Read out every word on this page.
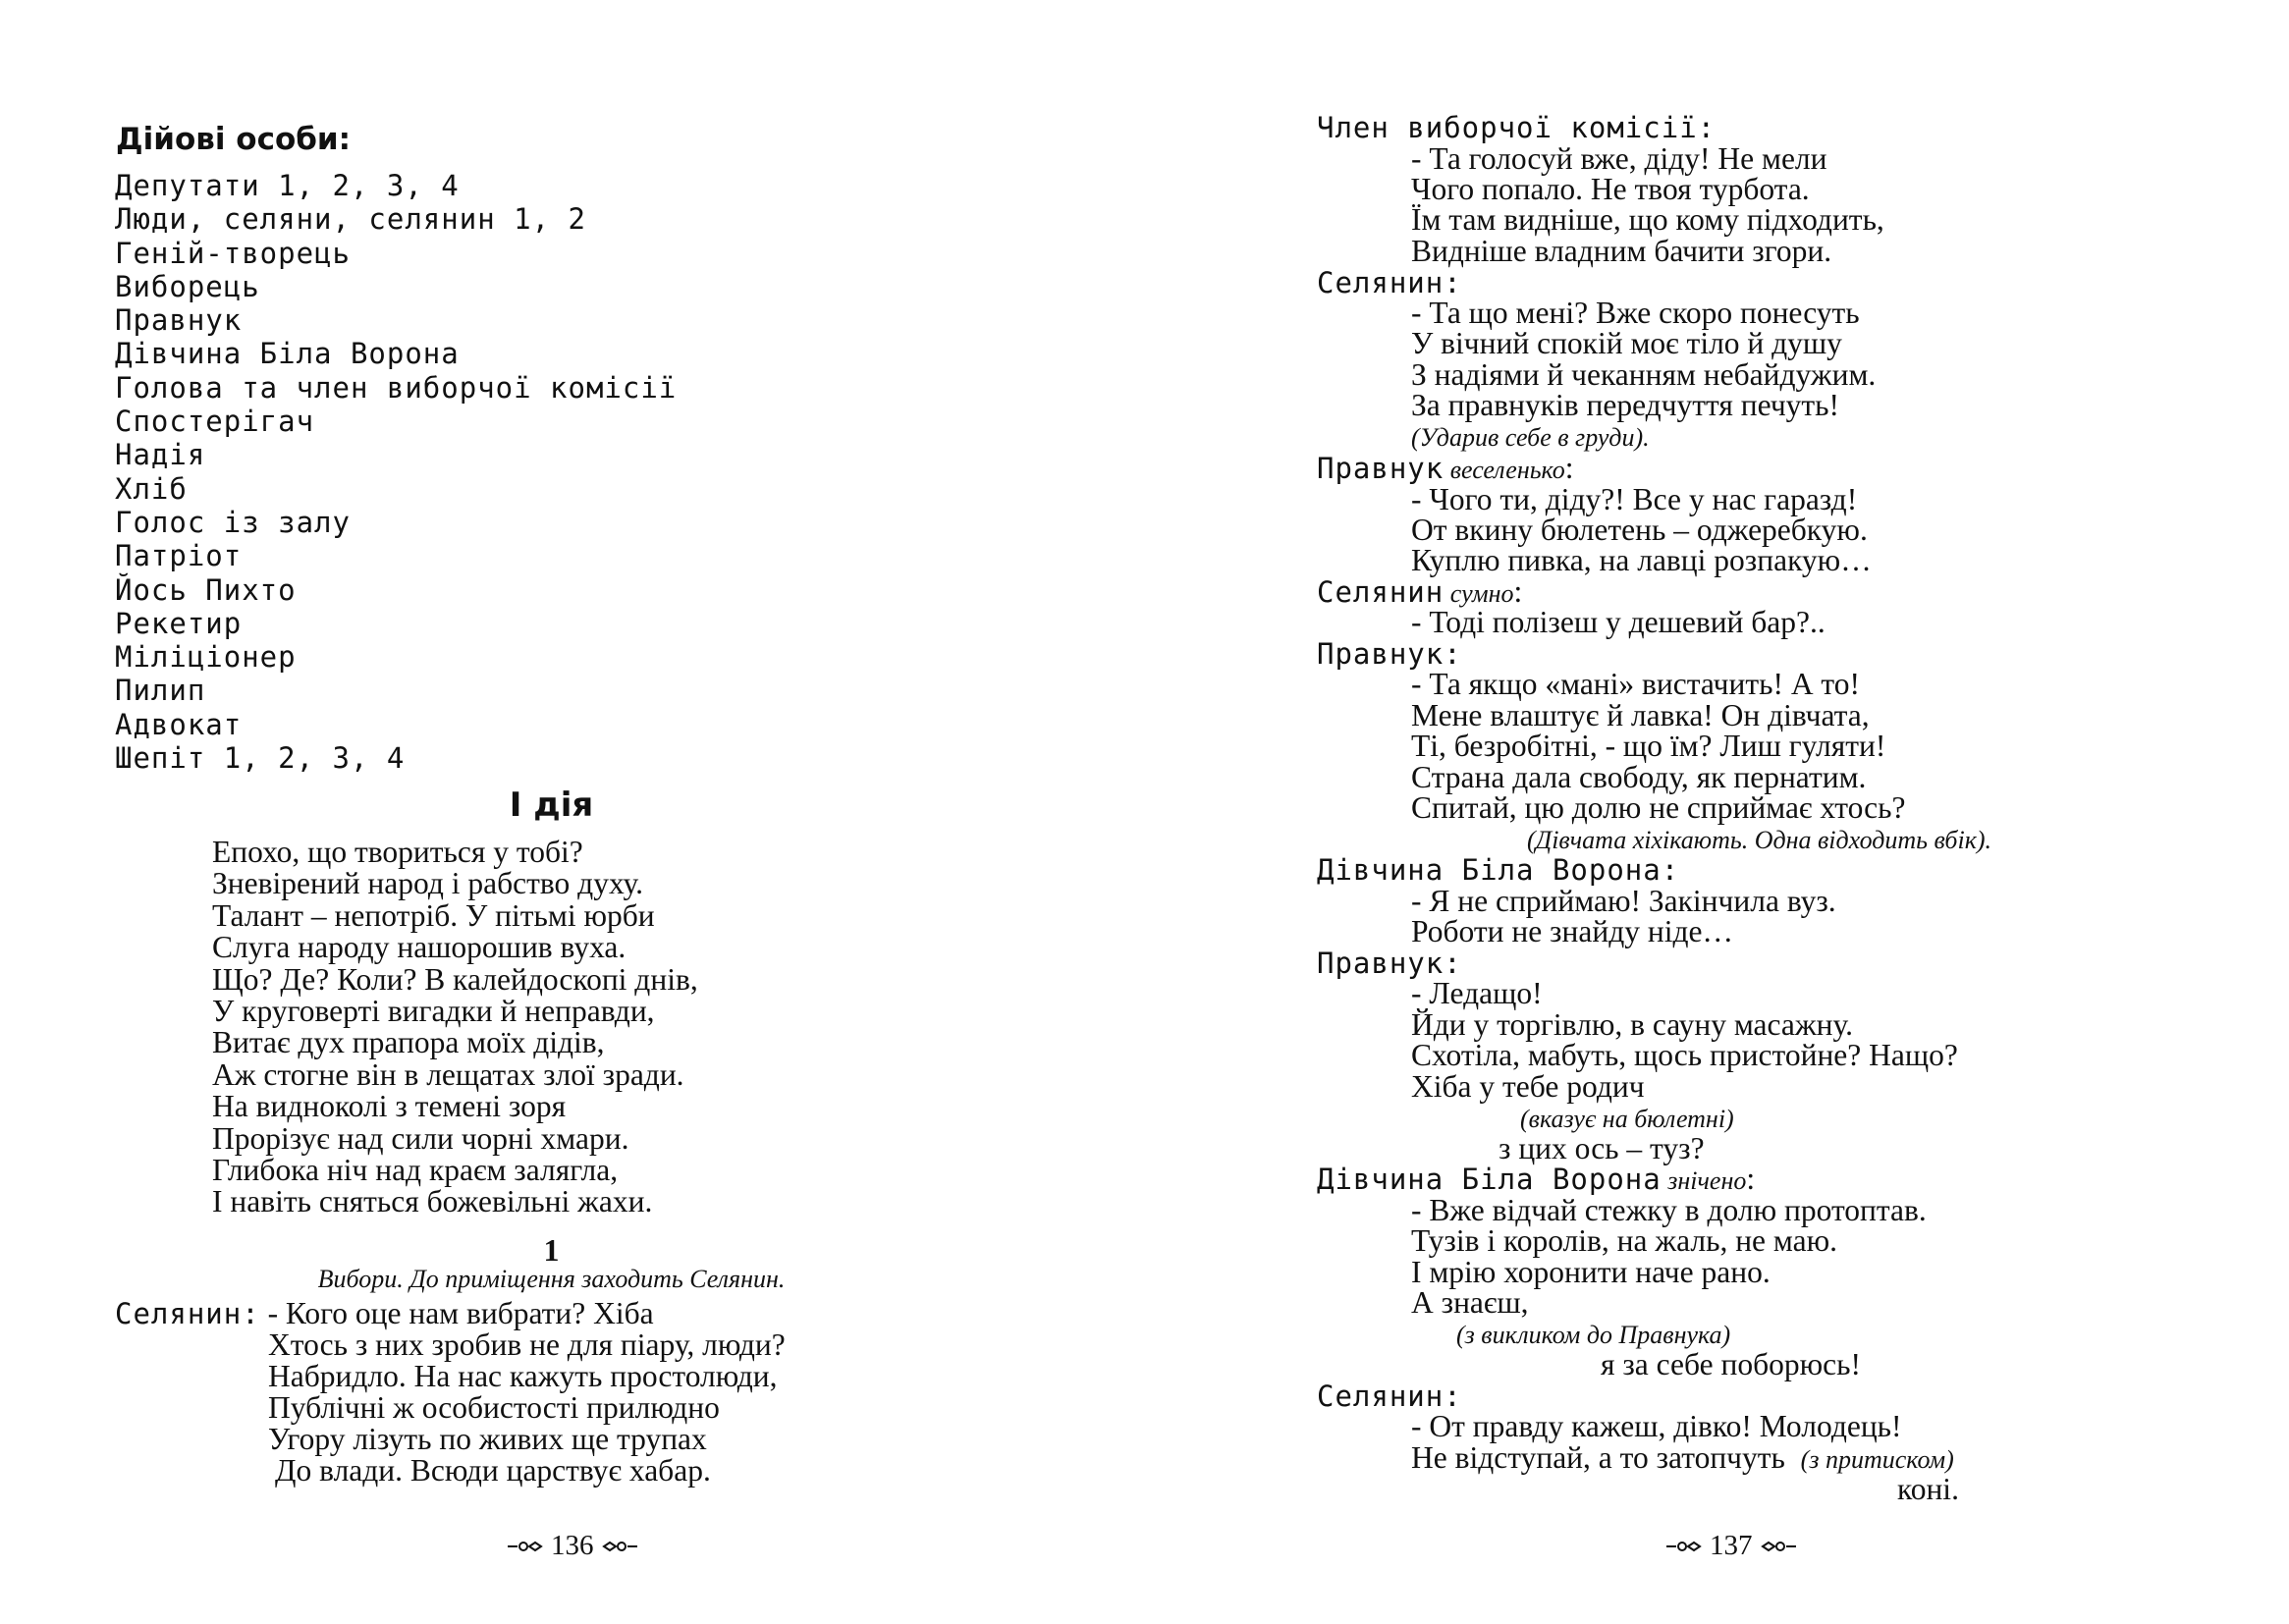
Дійові особи:
Депутати 1, 2, 3, 4
Люди, селяни, селянин 1, 2
Геній-творець
Виборець
Правнук
Дівчина Біла Ворона
Голова та член виборчої комісії
Спостерігач
Надія
Хліб
Голос із залу
Патріот
Йось Пихто
Рекетир
Міліціонер
Пилип
Адвокат
Шепіт 1, 2, 3, 4
І дія
Епохо, що твориться у тобі?
Зневірений народ і рабство духу.
Талант – непотріб. У пітьмі юрби
Слуга народу нашорошив вуха.
Що? Де? Коли? В калейдоскопі днів,
У круговерті вигадки й неправди,
Витає дух прапора моїх дідів,
Аж стогне він в лещатах злої зради.
На видноколі з темені зоря
Прорізує над сили чорні хмари.
Глибока ніч над краєм залягла,
І навіть сняться божевільні жахи.
1
Вибори. До приміщення заходить Селянин.
Селянин: - Кого оце нам вибрати? Хіба
Хтось з них зробив не для піару, люди?
Набридло. На нас кажуть простолюди,
Публічні ж особистості прилюдно
Угору лізуть по живих ще трупах
До влади. Всюди царствує хабар.
136
Член виборчої комісії:
- Та голосуй вже, діду! Не мели
Чого попало. Не твоя турбота.
Їм там видніше, що кому підходить,
Видніше владним бачити згори.
Селянин:
- Та що мені? Вже скоро понесуть
У вічний спокій моє тіло й душу
З надіями й чеканням небайдужим.
За правнуків передчуття печуть!
(Ударив себе в груди).
Правнук веселенько:
- Чого ти, діду?! Все у нас гаразд!
От вкину бюлетень – оджеребкую.
Куплю пивка, на лавці розпакую…
Селянин сумно:
- Тоді полізеш у дешевий бар?..
Правнук:
- Та якщо «мані» вистачить! А то!
Мене влаштує й лавка! Он дівчата,
Ті, безробітні, - що їм? Лиш гуляти!
Страна дала свободу, як пернатим.
Спитай, цю долю не сприймає хтось?
(Дівчата хіхікають. Одна відходить вбік).
Дівчина Біла Ворона:
- Я не сприймаю! Закінчила вуз.
Роботи не знайду ніде…
Правнук:
- Ледащо!
Йди у торгівлю, в сауну масажну.
Схотіла, мабуть, щось пристойне? Нащо?
Хіба у тебе родич
(вказує на бюлетні)
з цих ось – туз?
Дівчина Біла Ворона знічено:
- Вже відчай стежку в долю протоптав.
Тузів і королів, на жаль, не маю.
І мрію хоронити наче рано.
А знаєш,
(з викликом до Правнука)
я за себе поборюсь!
Селянин:
- От правду кажеш, дівко! Молодець!
Не відступай, а то затопчуть (з притиском)
коні.
137
